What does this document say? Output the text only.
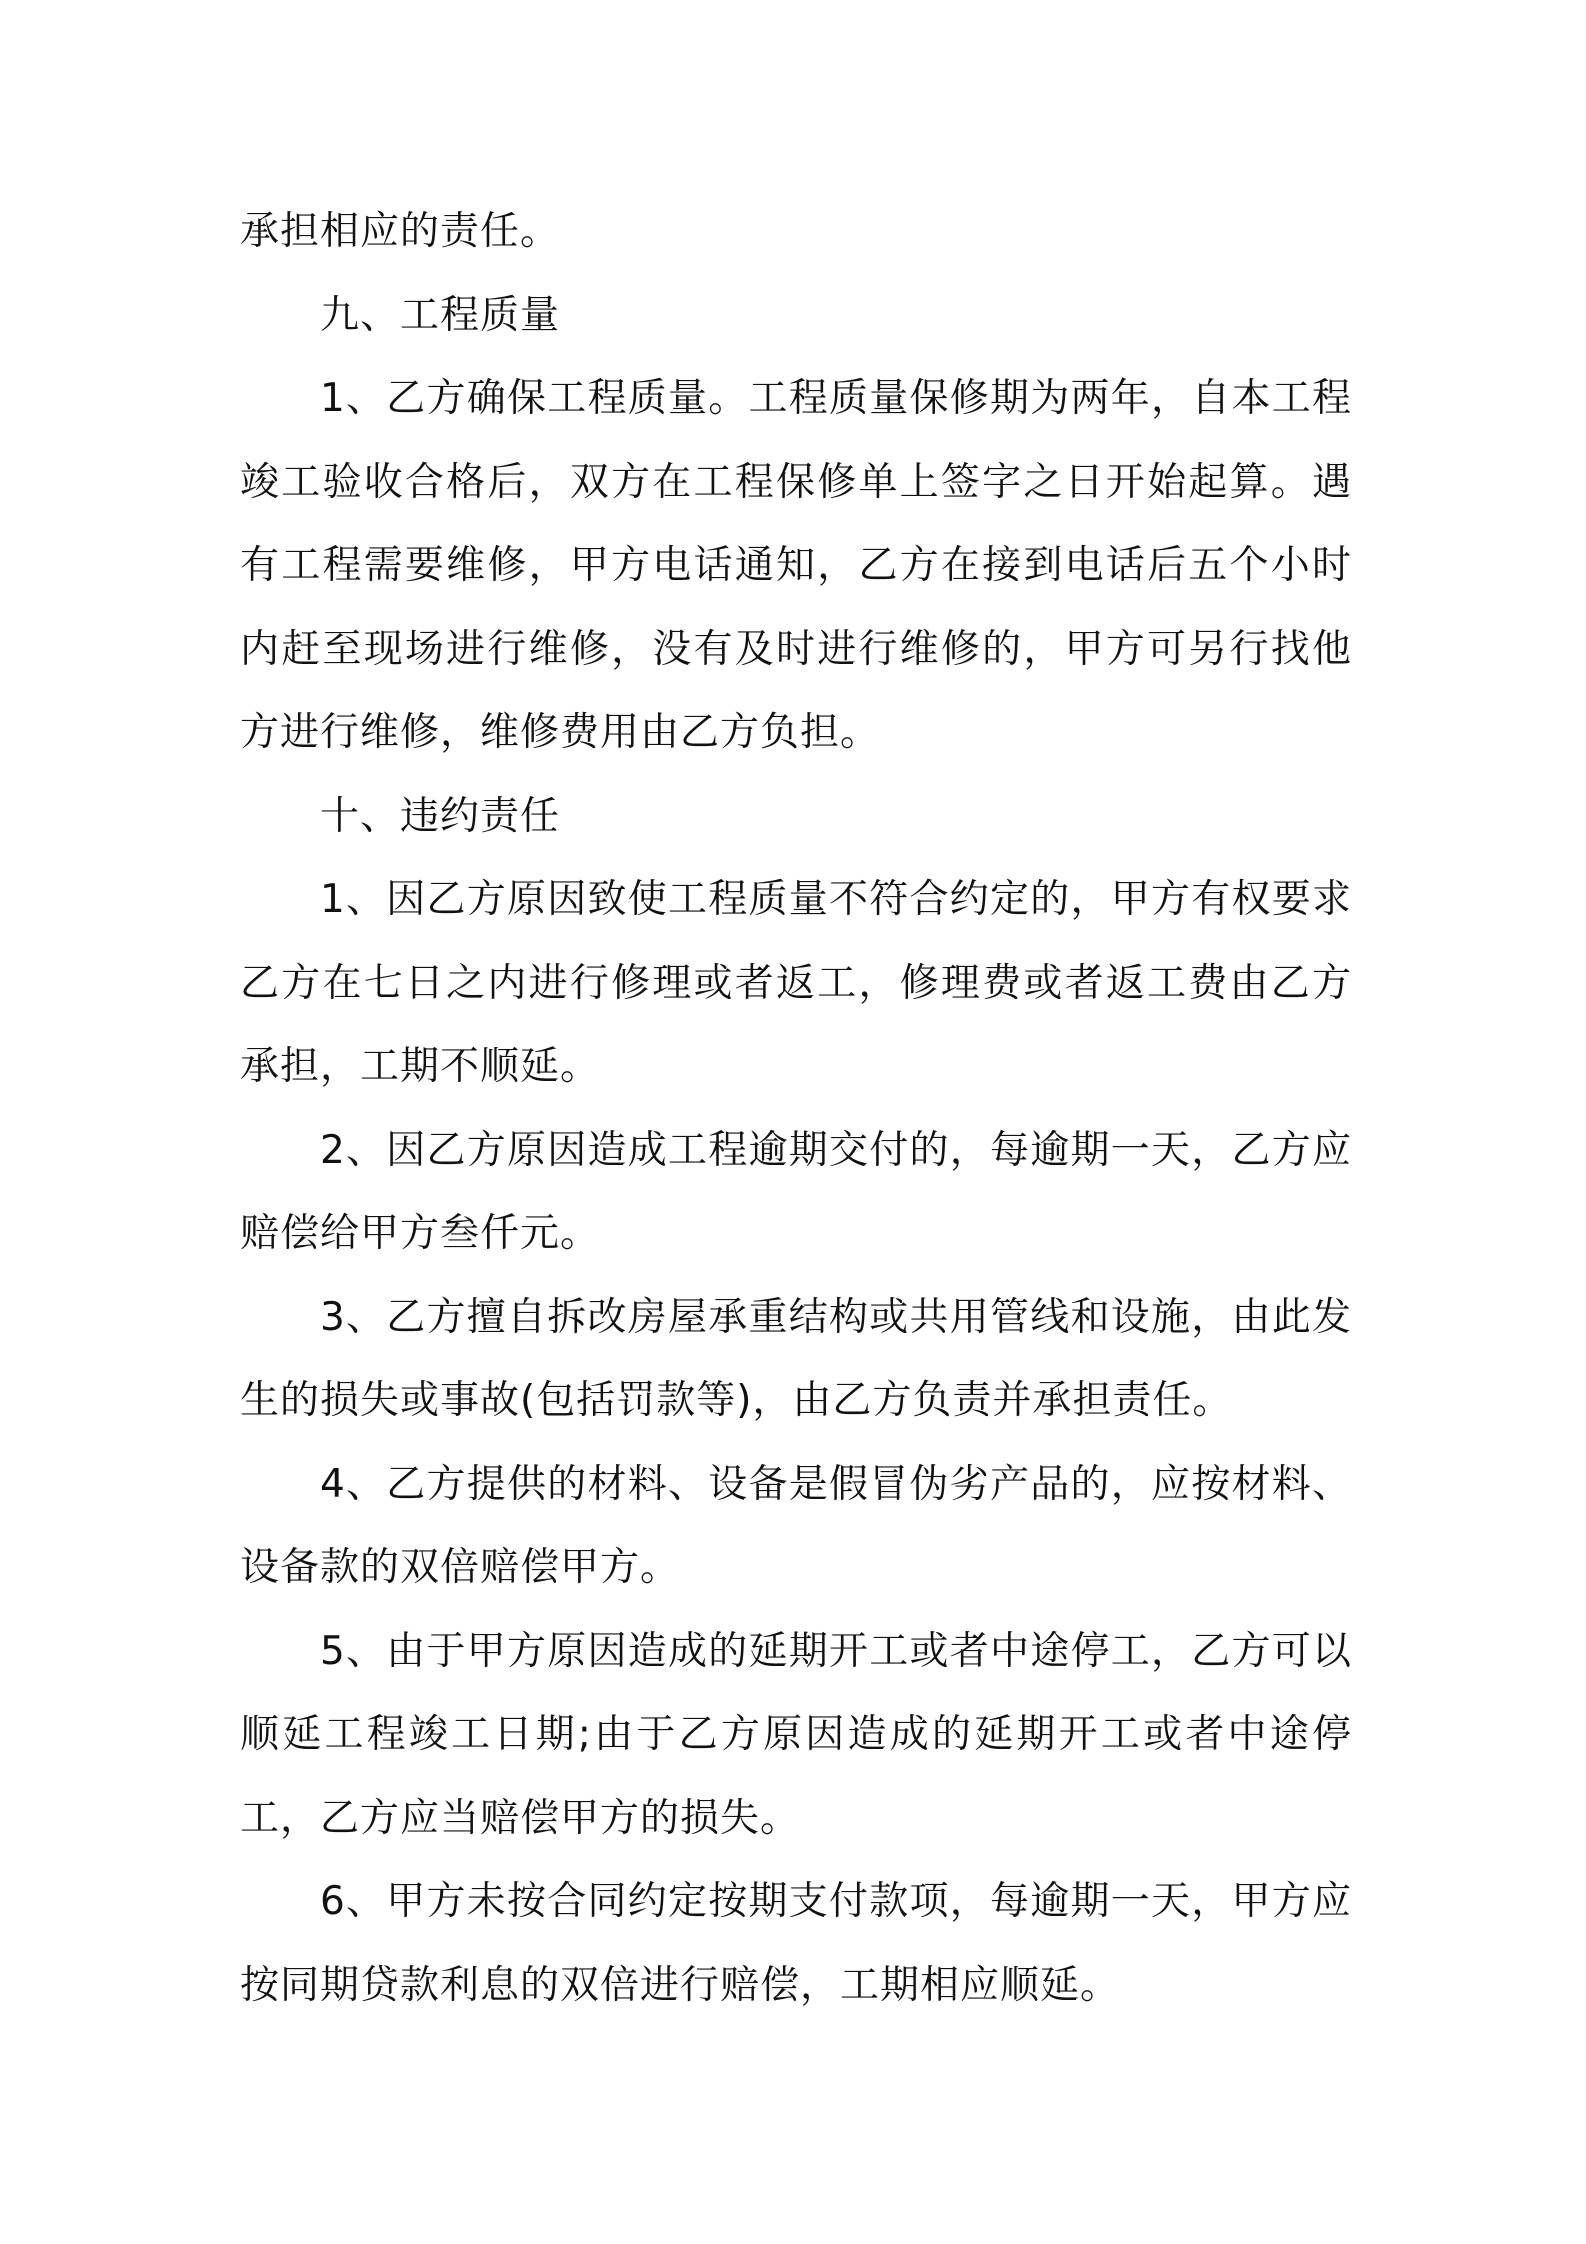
承担相应的责任。

九、工程质量

1、乙方确保工程质量。工程质量保修期为两年，自本工程竣工验收合格后，双方在工程保修单上签字之日开始起算。遇有工程需要维修，甲方电话通知，乙方在接到电话后五个小时内赶至现场进行维修，没有及时进行维修的，甲方可另行找他方进行维修，维修费用由乙方负担。

十、违约责任

1、因乙方原因致使工程质量不符合约定的，甲方有权要求乙方在七日之内进行修理或者返工，修理费或者返工费由乙方承担，工期不顺延。

2、因乙方原因造成工程逾期交付的，每逾期一天，乙方应赔偿给甲方叁仟元。

3、乙方擅自拆改房屋承重结构或共用管线和设施，由此发生的损失或事故(包括罚款等)，由乙方负责并承担责任。

4、乙方提供的材料、设备是假冒伪劣产品的，应按材料、设备款的双倍赔偿甲方。

5、由于甲方原因造成的延期开工或者中途停工，乙方可以顺延工程竣工日期;由于乙方原因造成的延期开工或者中途停工，乙方应当赔偿甲方的损失。

6、甲方未按合同约定按期支付款项，每逾期一天，甲方应按同期贷款利息的双倍进行赔偿，工期相应顺延。
